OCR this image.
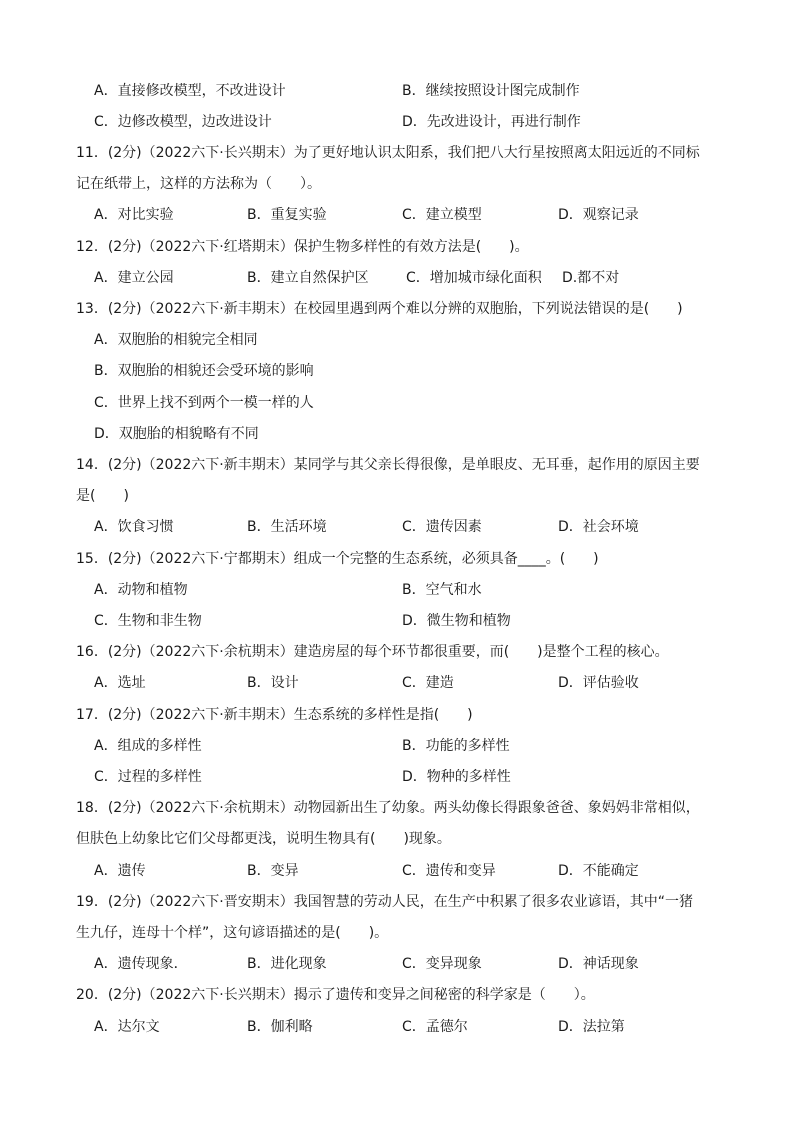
A．直接修改模型，不改进设计	B．继续按照设计图完成制作
C．边修改模型，边改进设计	D．先改进设计，再进行制作
11．(2分)（2022六下·长兴期末）为了更好地认识太阳系，我们把八大行星按照离太阳远近的不同标
记在纸带上，这样的方法称为（　　）。
A．对比实验	B．重复实验	C．建立模型	D．观察记录
12．(2分)（2022六下·红塔期末）保护生物多样性的有效方法是(　　)。
A．建立公园	B．建立自然保护区	C．增加城市绿化面积 D.都不对
13．(2分)（2022六下·新丰期末）在校园里遇到两个难以分辨的双胞胎，下列说法错误的是(　　)
A．双胞胎的相貌完全相同
B．双胞胎的相貌还会受环境的影响
C．世界上找不到两个一模一样的人
D．双胞胎的相貌略有不同
14．(2分)（2022六下·新丰期末）某同学与其父亲长得很像，是单眼皮、无耳垂，起作用的原因主要
是(　　)
A．饮食习惯	B．生活环境	C．遗传因素	D．社会环境
15．(2分)（2022六下·宁都期末）组成一个完整的生态系统，必须具备____。(　　)
A．动物和植物	B．空气和水
C．生物和非生物	D．微生物和植物
16．(2分)（2022六下·余杭期末）建造房屋的每个环节都很重要，而(　　)是整个工程的核心。
A．选址	B．设计	C．建造	D．评估验收
17．(2分)（2022六下·新丰期末）生态系统的多样性是指(　　)
A．组成的多样性	B．功能的多样性
C．过程的多样性	D．物种的多样性
18．(2分)（2022六下·余杭期末）动物园新出生了幼象。两头幼像长得跟象爸爸、象妈妈非常相似，
但肤色上幼象比它们父母都更浅，说明生物具有(　　)现象。
A．遗传	B．变异	C．遗传和变异	D．不能确定
19．(2分)（2022六下·晋安期末）我国智慧的劳动人民，在生产中积累了很多农业谚语，其中“一猪
生九仔，连母十个样”，这句谚语描述的是(　　)。
A．遗传现象．	B．进化现象	C．变异现象	D．神话现象
20．(2分)（2022六下·长兴期末）揭示了遗传和变异之间秘密的科学家是（　　）。
A．达尔文	B．伽利略	C．孟德尔	D．法拉第
